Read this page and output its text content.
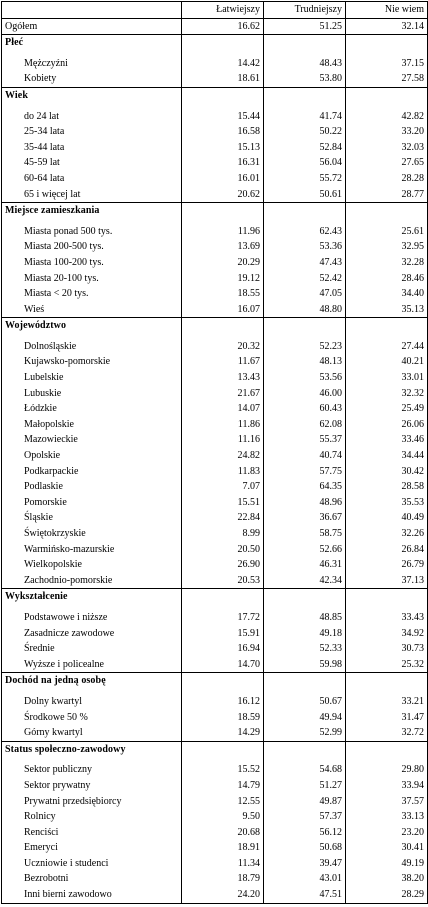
	Łatwiejszy	Trudniejszy	Nie wiem
Ogółem	16.62	51.25	32.14
Płeć			

Mężczyźni	14.42	48.43	37.15
Kobiety	18.61	53.80	27.58
Wiek			

do 24 lat	15.44	41.74	42.82
25-34 lata	16.58	50.22	33.20
35-44 lata	15.13	52.84	32.03
45-59 lat	16.31	56.04	27.65
60-64 lata	16.01	55.72	28.28
65 i więcej lat	20.62	50.61	28.77
Miejsce zamieszkania			

Miasta ponad 500 tys.	11.96	62.43	25.61
Miasta 200-500 tys.	13.69	53.36	32.95
Miasta 100-200 tys.	20.29	47.43	32.28
Miasta 20-100 tys.	19.12	52.42	28.46
Miasta < 20 tys.	18.55	47.05	34.40
Wieś	16.07	48.80	35.13
Województwo			

Dolnośląskie	20.32	52.23	27.44
Kujawsko-pomorskie	11.67	48.13	40.21
Lubelskie	13.43	53.56	33.01
Lubuskie	21.67	46.00	32.32
Łódzkie	14.07	60.43	25.49
Małopolskie	11.86	62.08	26.06
Mazowieckie	11.16	55.37	33.46
Opolskie	24.82	40.74	34.44
Podkarpackie	11.83	57.75	30.42
Podlaskie	7.07	64.35	28.58
Pomorskie	15.51	48.96	35.53
Śląskie	22.84	36.67	40.49
Świętokrzyskie	8.99	58.75	32.26
Warmińsko-mazurskie	20.50	52.66	26.84
Wielkopolskie	26.90	46.31	26.79
Zachodnio-pomorskie	20.53	42.34	37.13
Wykształcenie			

Podstawowe i niższe	17.72	48.85	33.43
Zasadnicze zawodowe	15.91	49.18	34.92
Średnie	16.94	52.33	30.73
Wyższe i policealne	14.70	59.98	25.32
Dochód na jedną osobę			

Dolny kwartyl	16.12	50.67	33.21
Środkowe 50 %	18.59	49.94	31.47
Górny kwartyl	14.29	52.99	32.72
Status społeczno-zawodowy			

Sektor publiczny	15.52	54.68	29.80
Sektor prywatny	14.79	51.27	33.94
Prywatni przedsiębiorcy	12.55	49.87	37.57
Rolnicy	9.50	57.37	33.13
Renciści	20.68	56.12	23.20
Emeryci	18.91	50.68	30.41
Uczniowie i studenci	11.34	39.47	49.19
Bezrobotni	18.79	43.01	38.20
Inni bierni zawodowo	24.20	47.51	28.29
